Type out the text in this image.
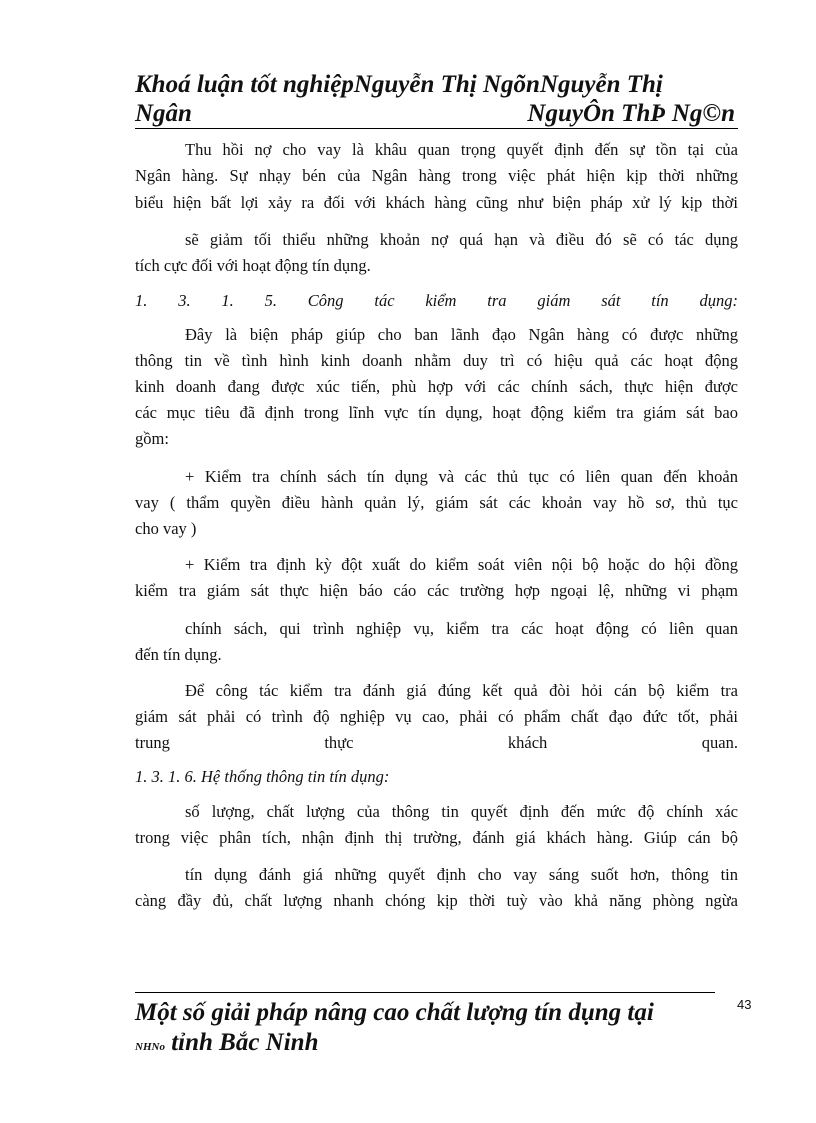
Khoá luận tốt nghiệpNguyễn Thị NgõnNguyễn Thị
Ngân	NguyÔn ThÞ Ng©n
Thu hồi nợ cho vay là khâu quan trọng quyết định đến sự tồn tại của
Ngân hàng. Sự nhạy bén của Ngân hàng trong việc phát hiện kịp thời những
biểu hiện bất lợi xảy ra đối với khách hàng cũng như biện pháp xử lý kịp thời
sẽ giảm tối thiểu những khoản nợ quá hạn và điều đó sẽ có tác dụng
tích cực đối với hoạt động tín dụng.
1. 3. 1. 5. Công tác kiểm tra giám sát tín dụng:
Đây là biện pháp giúp cho ban lãnh đạo Ngân hàng có được những
thông tin về tình hình kinh doanh nhằm duy trì có hiệu quả các hoạt động
kinh doanh đang được xúc tiến, phù hợp với các chính sách, thực hiện được
các mục tiêu đã định trong lĩnh vực tín dụng, hoạt động kiểm tra giám sát bao
gồm:
+ Kiểm tra chính sách tín dụng và các thủ tục có liên quan đến khoản
vay ( thẩm quyền điều hành quản lý, giám sát các khoản vay hồ sơ, thủ tục
cho vay )
+ Kiểm tra định kỳ đột xuất do kiểm soát viên nội bộ hoặc do hội đồng
kiểm tra giám sát thực hiện báo cáo các trường hợp ngoại lệ, những vi phạm
chính sách, qui trình nghiệp vụ, kiểm tra các hoạt động có liên quan
đến tín dụng.
Để công tác kiểm tra đánh giá đúng kết quả đòi hỏi cán bộ kiểm tra
giám sát phải có trình độ nghiệp vụ cao, phải có phẩm chất đạo đức tốt, phải
trung thực khách quan.
1. 3. 1. 6. Hệ thống thông tin tín dụng:
số lượng, chất lượng của thông tin quyết định đến mức độ chính xác
trong việc phân tích, nhận định thị trường, đánh giá khách hàng. Giúp cán bộ
tín dụng đánh giá những quyết định cho vay sáng suốt hơn, thông tin
càng đầy đủ, chất lượng nhanh chóng kịp thời tuỳ vào khả năng phòng ngừa
Một số giải pháp nâng cao chất lượng tín dụng tại
NHNo tỉnh Bắc Ninh
43
